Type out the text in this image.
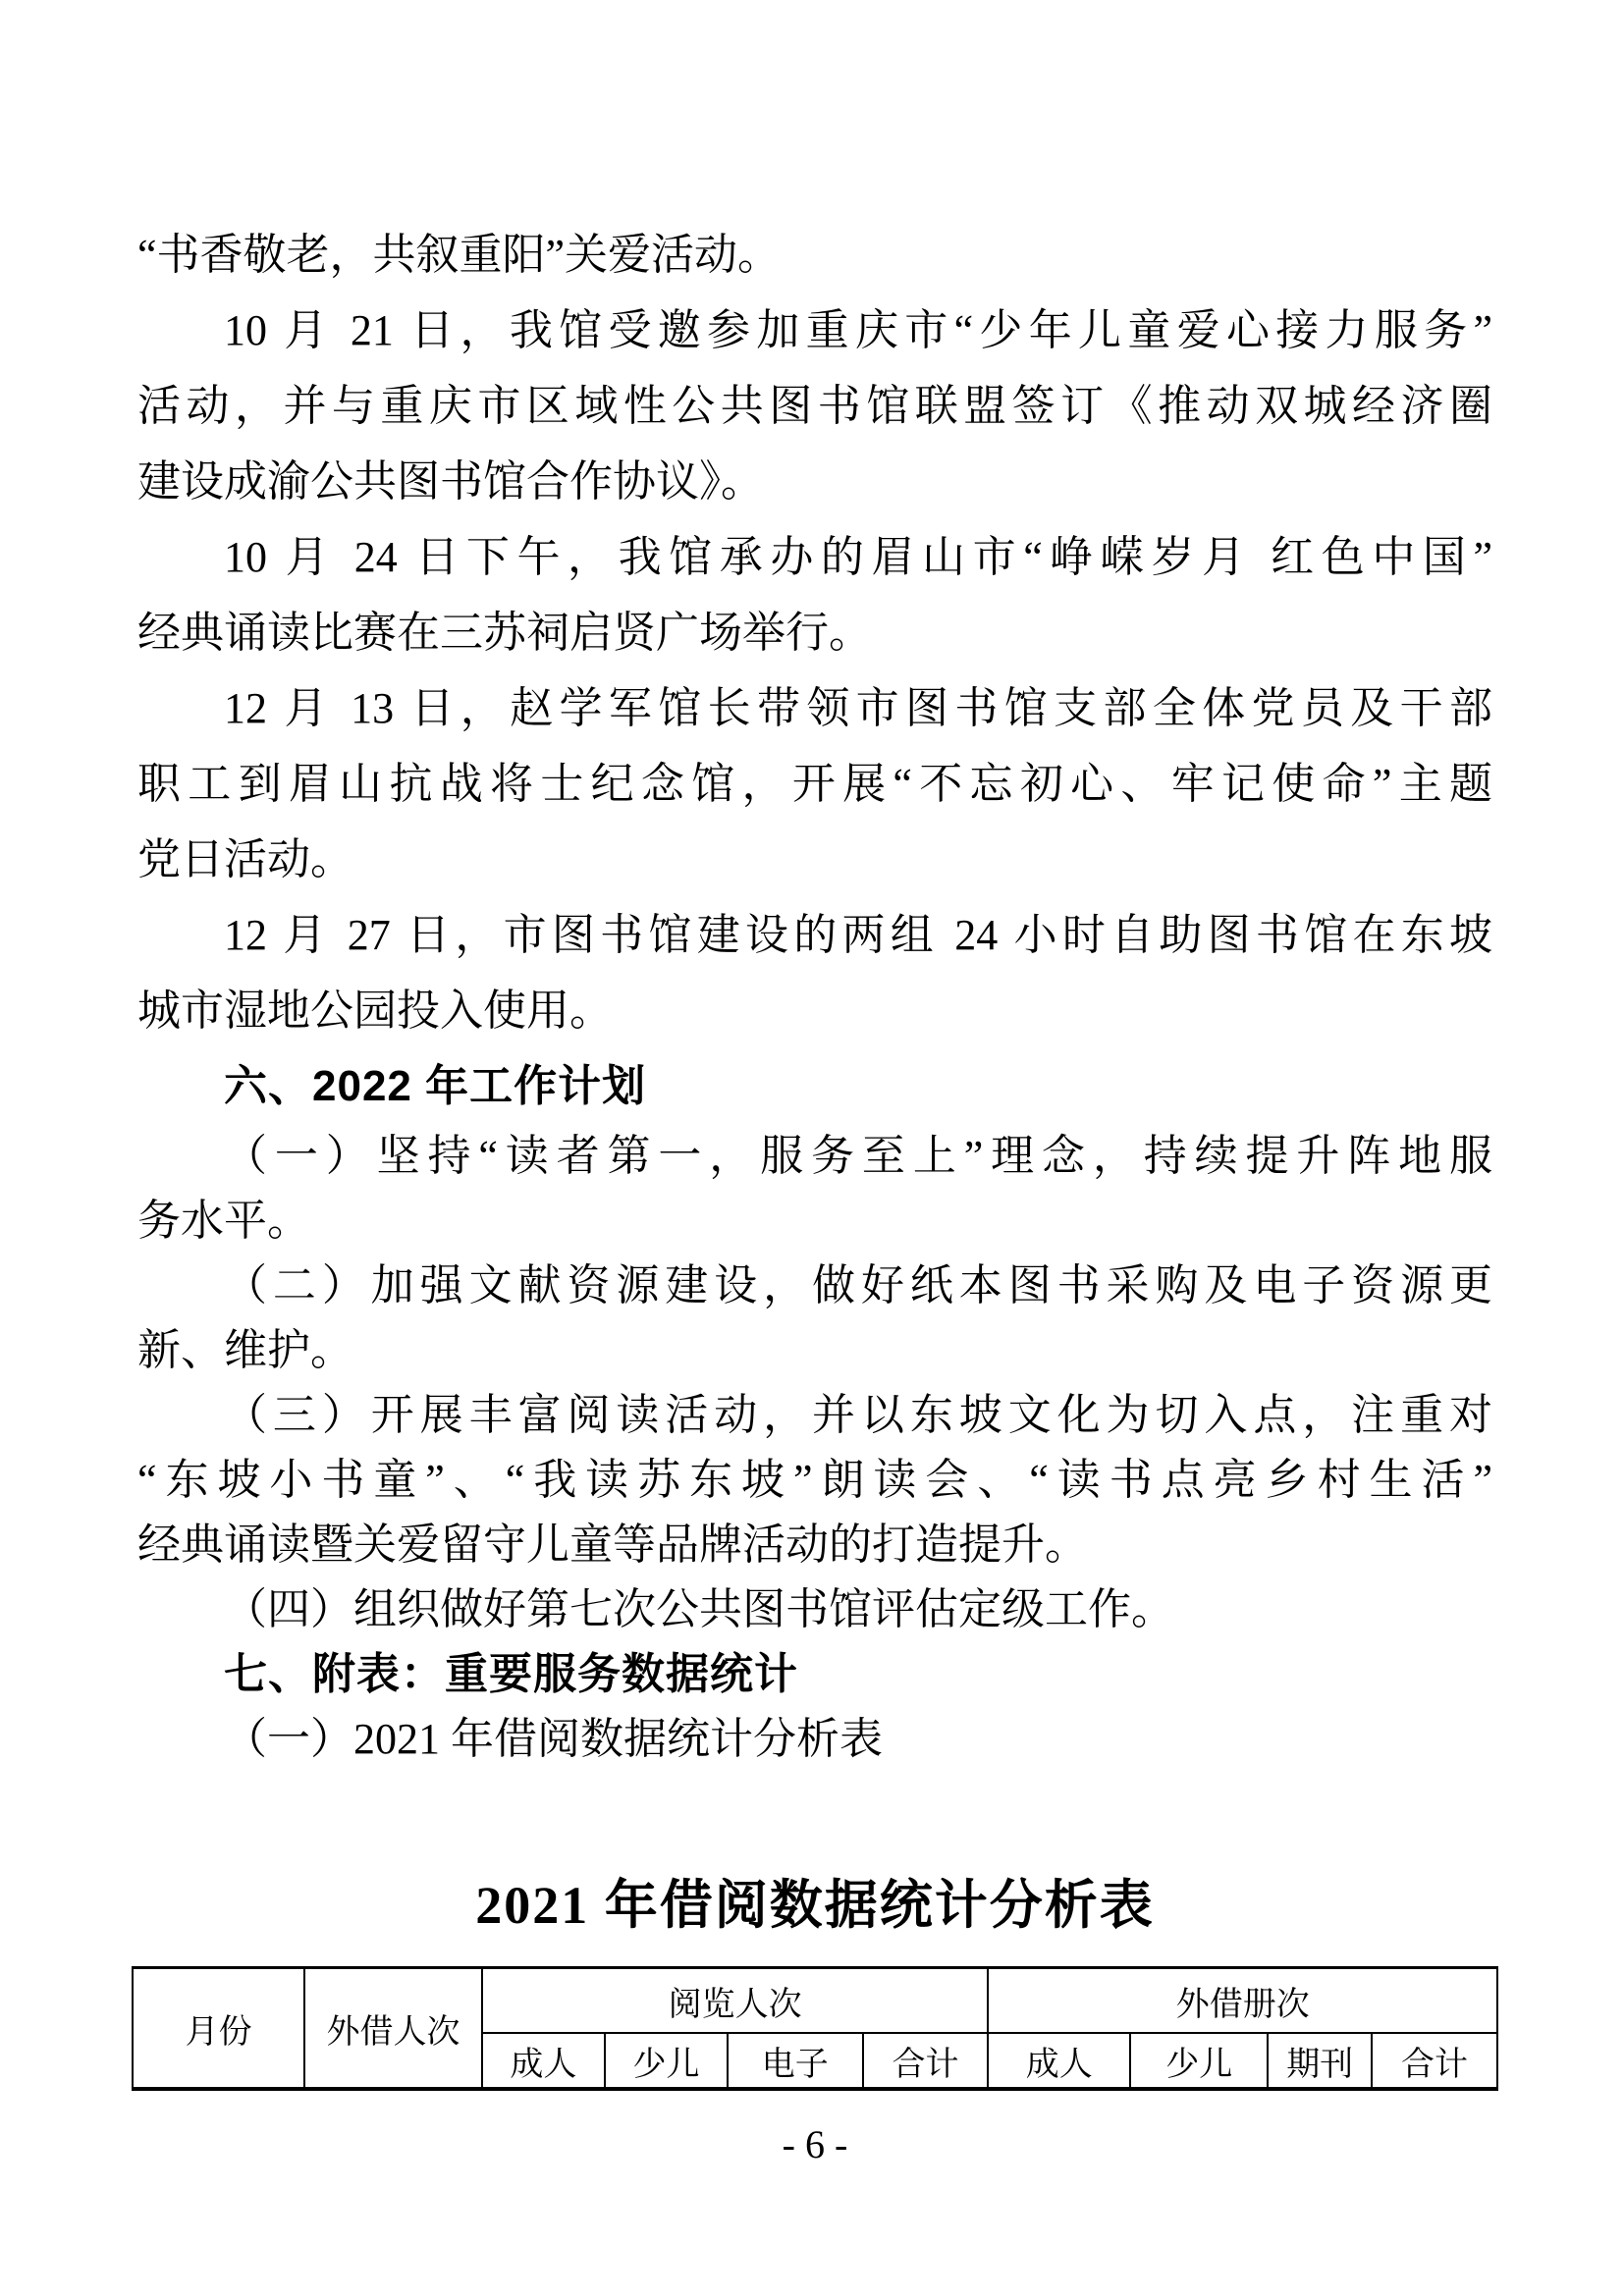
“书香敬老，共叙重阳”关爱活动。
10 月 21 日，我馆受邀参加重庆市“少年儿童爱心接力服务”
活动，并与重庆市区域性公共图书馆联盟签订《推动双城经济圈
建设成渝公共图书馆合作协议》。
10 月 24 日下午，我馆承办的眉山市“峥嵘岁月 红色中国”
经典诵读比赛在三苏祠启贤广场举行。
12 月 13 日，赵学军馆长带领市图书馆支部全体党员及干部
职工到眉山抗战将士纪念馆，开展“不忘初心、牢记使命”主题
党日活动。
12 月 27 日，市图书馆建设的两组 24 小时自助图书馆在东坡
城市湿地公园投入使用。
六、2022 年工作计划
（一）坚持“读者第一，服务至上”理念，持续提升阵地服
务水平。
（二）加强文献资源建设，做好纸本图书采购及电子资源更
新、维护。
（三）开展丰富阅读活动，并以东坡文化为切入点，注重对
“东坡小书童”、“我读苏东坡”朗读会、“读书点亮乡村生活”
经典诵读暨关爱留守儿童等品牌活动的打造提升。
（四）组织做好第七次公共图书馆评估定级工作。
七、附表：重要服务数据统计
（一）2021 年借阅数据统计分析表
2021 年借阅数据统计分析表
月份	外借人次	阅览人次				外借册次			
		成人	少儿	电子	合计	成人	少儿	期刊	合计
- 6 -
